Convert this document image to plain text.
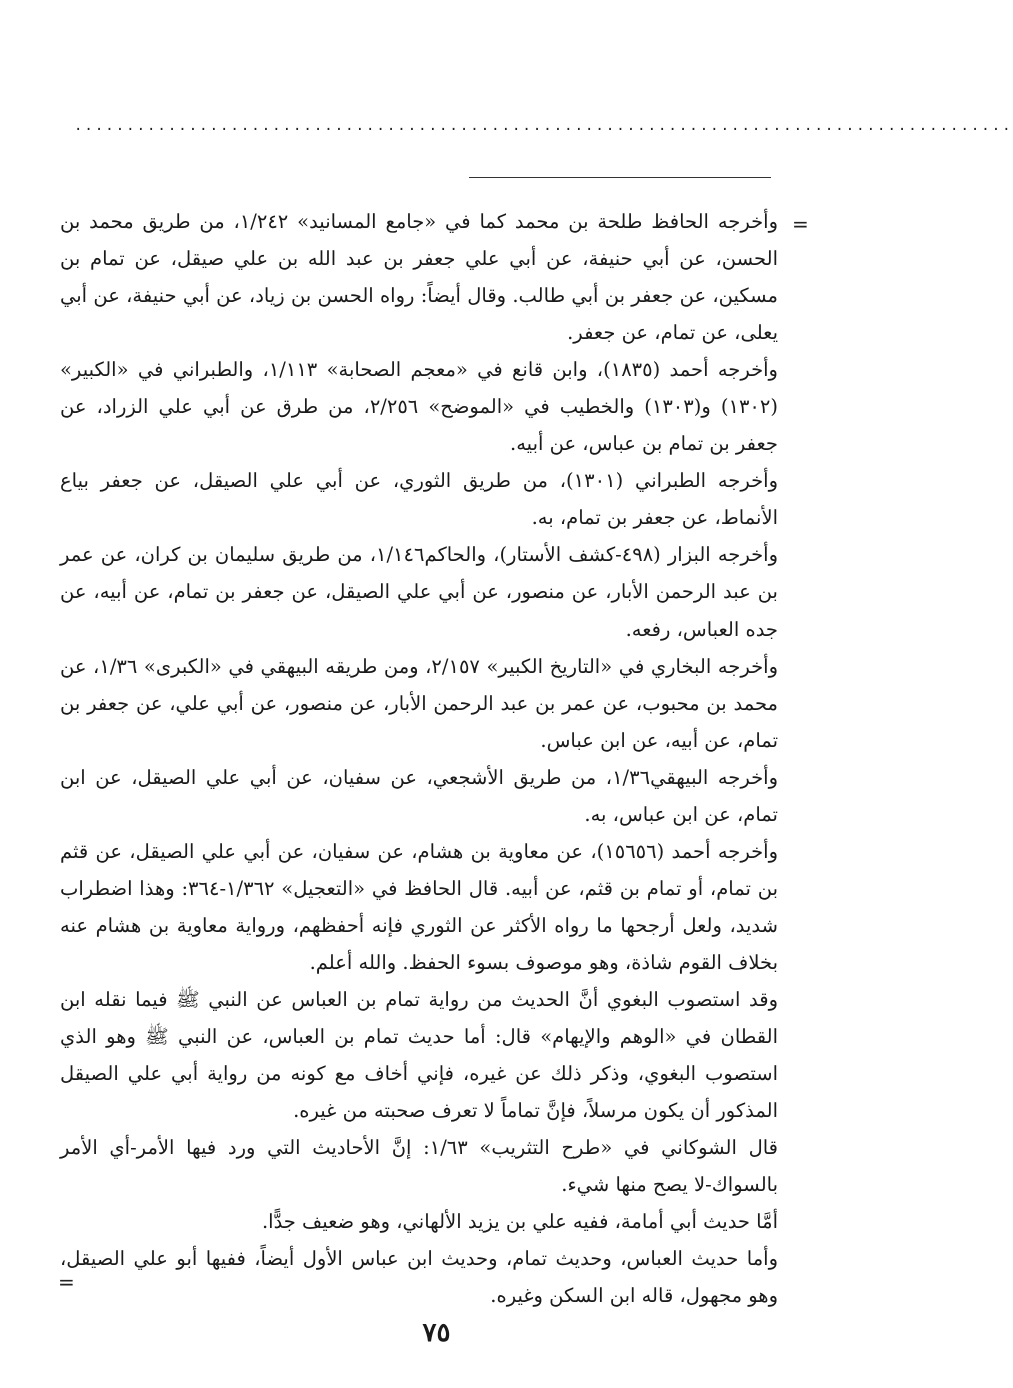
..........................................................................................
=

وأخرجه الحافظ طلحة بن محمد كما في «جامع المسانيد» ١/٢٤٢، من طريق محمد بن الحسن، عن أبي حنيفة، عن أبي علي جعفر بن عبد الله بن علي صيقل، عن تمام بن مسكين، عن جعفر بن أبي طالب. وقال أيضاً: رواه الحسن بن زياد، عن أبي حنيفة، عن أبي يعلى، عن تمام، عن جعفر.

وأخرجه أحمد (١٨٣٥)، وابن قانع في «معجم الصحابة» ١/١١٣، والطبراني في «الكبير» (١٣٠٢) و(١٣٠٣) والخطيب في «الموضح» ٢/٢٥٦، من طرق عن أبي علي الزراد، عن جعفر بن تمام بن عباس، عن أبيه.

وأخرجه الطبراني (١٣٠١)، من طريق الثوري، عن أبي علي الصيقل، عن جعفر بياع الأنماط، عن جعفر بن تمام، به.

وأخرجه البزار (٤٩٨-كشف الأستار)، والحاكم١/١٤٦، من طريق سليمان بن كران، عن عمر بن عبد الرحمن الأبار، عن منصور، عن أبي علي الصيقل، عن جعفر بن تمام، عن أبيه، عن جده العباس، رفعه.

وأخرجه البخاري في «التاريخ الكبير» ٢/١٥٧، ومن طريقه البيهقي في «الكبرى» ١/٣٦، عن محمد بن محبوب، عن عمر بن عبد الرحمن الأبار، عن منصور، عن أبي علي، عن جعفر بن تمام، عن أبيه، عن ابن عباس.

وأخرجه البيهقي١/٣٦، من طريق الأشجعي، عن سفيان، عن أبي علي الصيقل، عن ابن تمام، عن ابن عباس، به.

وأخرجه أحمد (١٥٦٥٦)، عن معاوية بن هشام، عن سفيان، عن أبي علي الصيقل، عن قثم بن تمام، أو تمام بن قثم، عن أبيه. قال الحافظ في «التعجيل» ١/٣٦٢-٣٦٤: وهذا اضطراب شديد، ولعل أرجحها ما رواه الأكثر عن الثوري فإنه أحفظهم، ورواية معاوية بن هشام عنه بخلاف القوم شاذة، وهو موصوف بسوء الحفظ. والله أعلم.

وقد استصوب البغوي أنَّ الحديث من رواية تمام بن العباس عن النبي ﷺ فيما نقله ابن القطان في «الوهم والإيهام» قال: أما حديث تمام بن العباس، عن النبي ﷺ وهو الذي استصوب البغوي، وذكر ذلك عن غيره، فإني أخاف مع كونه من رواية أبي علي الصيقل المذكور أن يكون مرسلاً، فإنَّ تماماً لا تعرف صحبته من غيره.

قال الشوكاني في «طرح التثريب» ١/٦٣: إنَّ الأحاديث التي ورد فيها الأمر-أي الأمر بالسواك-لا يصح منها شيء.

أمَّا حديث أبي أمامة، ففيه علي بن يزيد الألهاني، وهو ضعيف جدًّا.

وأما حديث العباس، وحديث تمام، وحديث ابن عباس الأول أيضاً، ففيها أبو علي الصيقل، وهو مجهول، قاله ابن السكن وغيره.

=
٧٥
